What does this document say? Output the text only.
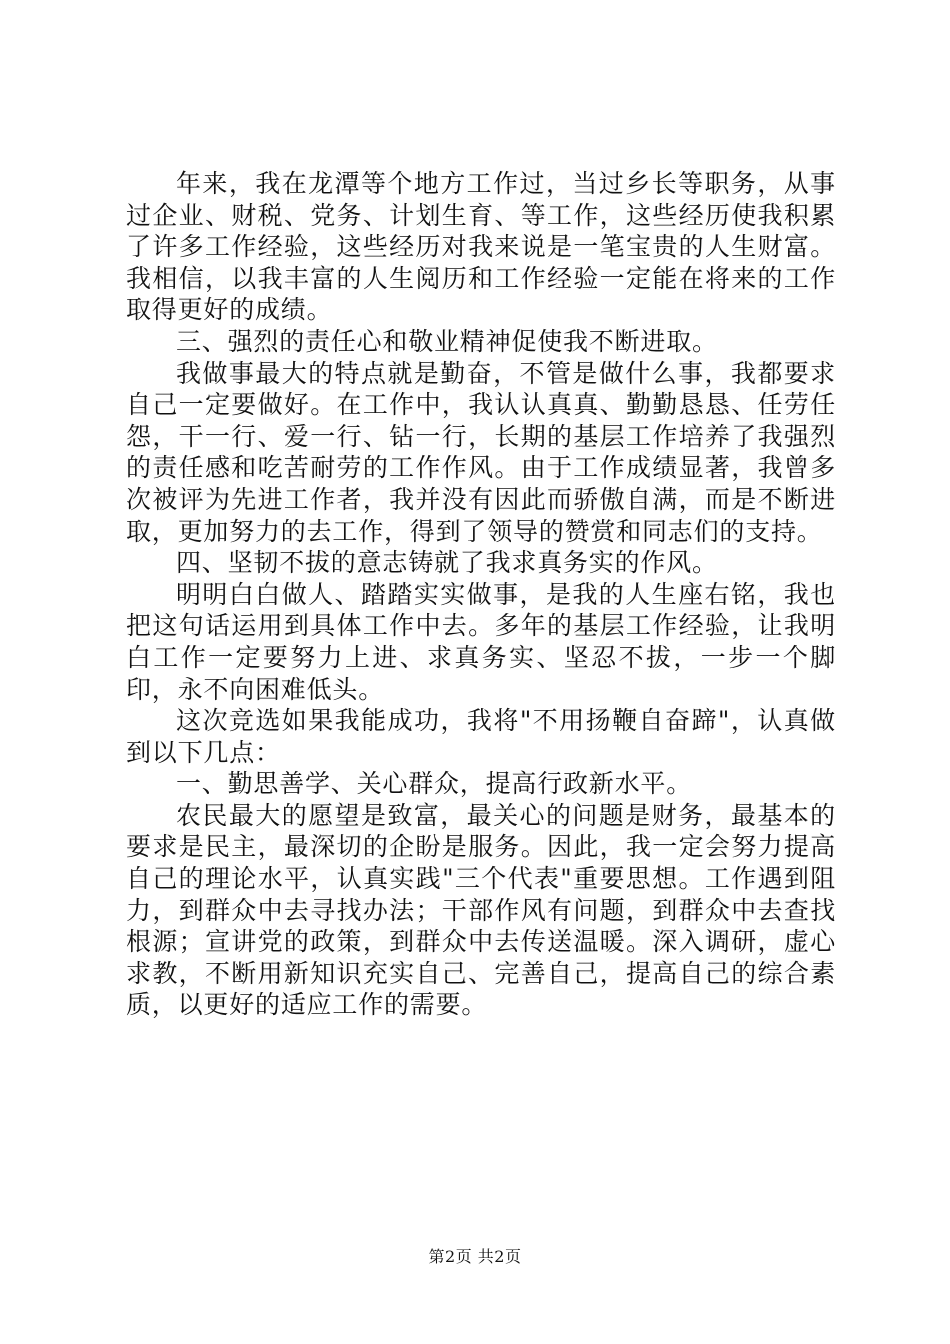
年来，我在龙潭等个地方工作过，当过乡长等职务，从事过企业、财税、党务、计划生育、等工作，这些经历使我积累了许多工作经验，这些经历对我来说是一笔宝贵的人生财富。我相信，以我丰富的人生阅历和工作经验一定能在将来的工作取得更好的成绩。

三、强烈的责任心和敬业精神促使我不断进取。

我做事最大的特点就是勤奋，不管是做什么事，我都要求自己一定要做好。在工作中，我认认真真、勤勤恳恳、任劳任怨，干一行、爱一行、钻一行，长期的基层工作培养了我强烈的责任感和吃苦耐劳的工作作风。由于工作成绩显著，我曾多次被评为先进工作者，我并没有因此而骄傲自满，而是不断进取，更加努力的去工作，得到了领导的赞赏和同志们的支持。

四、坚韧不拔的意志铸就了我求真务实的作风。

明明白白做人、踏踏实实做事，是我的人生座右铭，我也把这句话运用到具体工作中去。多年的基层工作经验，让我明白工作一定要努力上进、求真务实、坚忍不拔，一步一个脚印，永不向困难低头。

这次竞选如果我能成功，我将"不用扬鞭自奋蹄"，认真做到以下几点：

一、勤思善学、关心群众，提高行政新水平。

农民最大的愿望是致富，最关心的问题是财务，最基本的要求是民主，最深切的企盼是服务。因此，我一定会努力提高自己的理论水平，认真实践"三个代表"重要思想。工作遇到阻力，到群众中去寻找办法；干部作风有问题，到群众中去查找根源；宣讲党的政策，到群众中去传送温暖。深入调研，虚心求教，不断用新知识充实自己、完善自己，提高自己的综合素质，以更好的适应工作的需要。

第2页 共2页
